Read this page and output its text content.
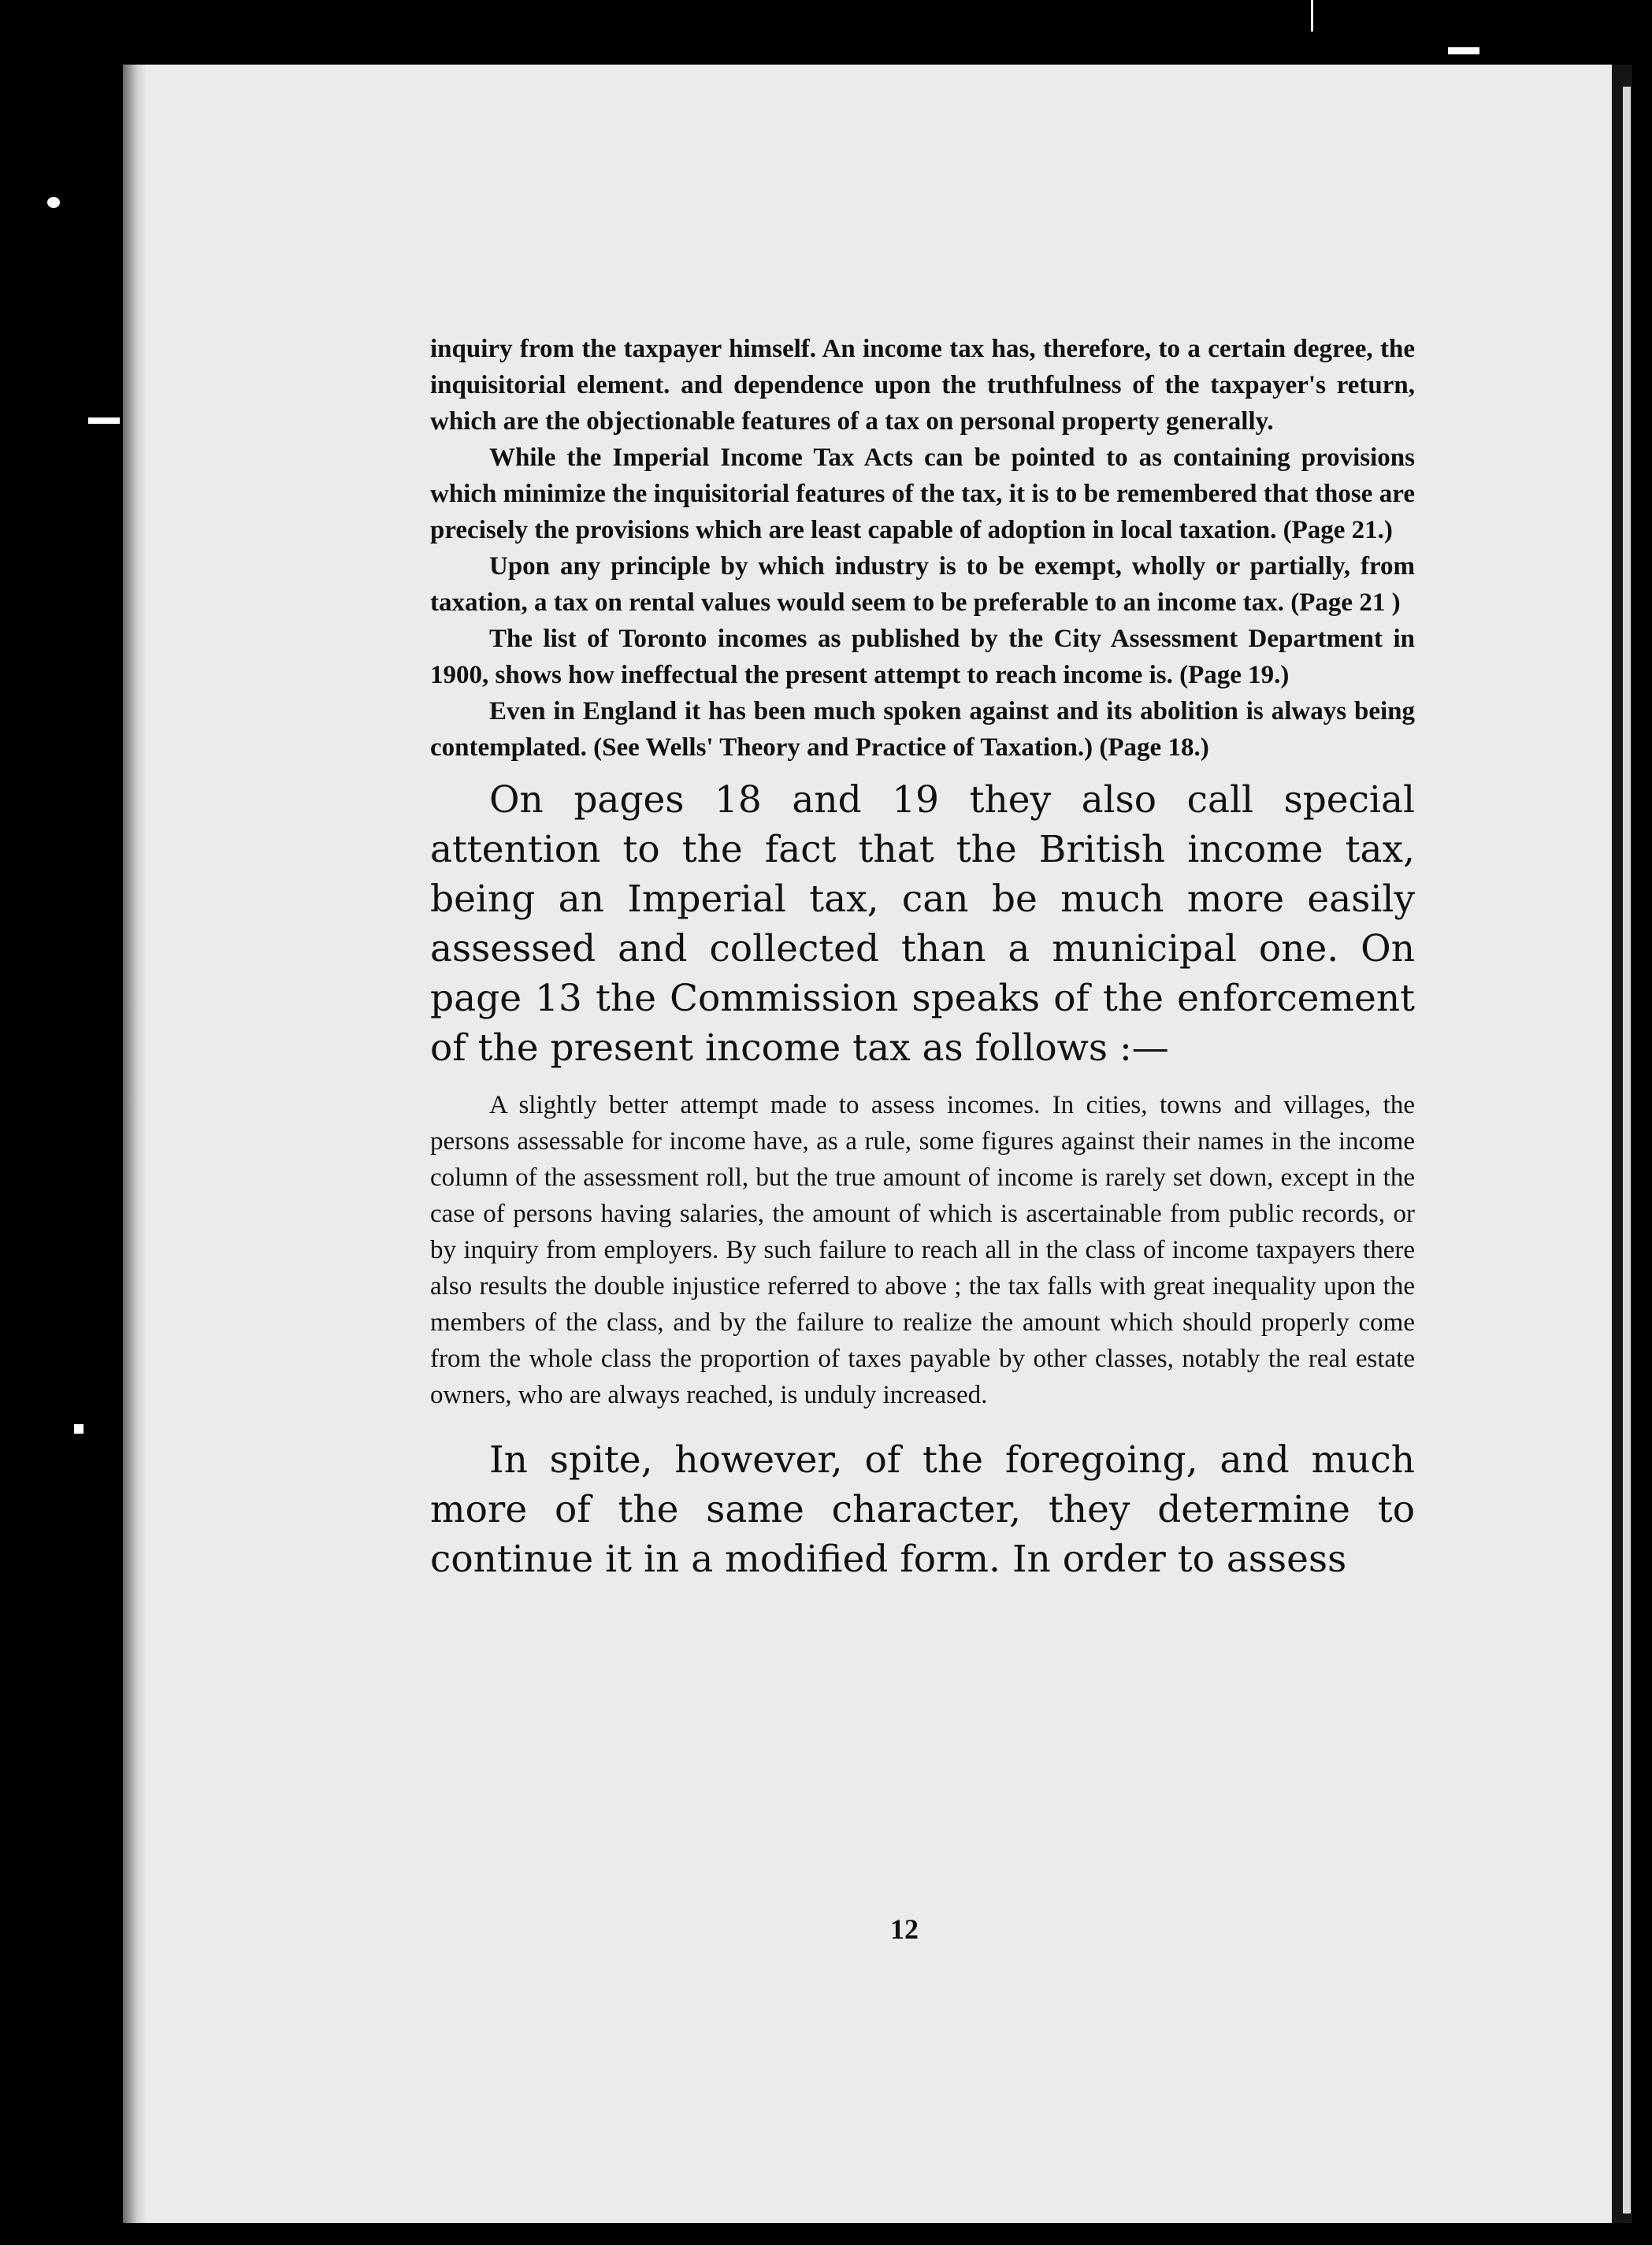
inquiry from the taxpayer himself. An income tax has, therefore, to a certain degree, the inquisitorial element. and dependence upon the truthfulness of the taxpayer's return, which are the objectionable features of a tax on personal property generally.

While the Imperial Income Tax Acts can be pointed to as containing provisions which minimize the inquisitorial features of the tax, it is to be remembered that those are precisely the provisions which are least capable of adoption in local taxation. (Page 21.)

Upon any principle by which industry is to be exempt, wholly or partially, from taxation, a tax on rental values would seem to be preferable to an income tax. (Page 21 )

The list of Toronto incomes as published by the City Assessment Department in 1900, shows how ineffectual the present attempt to reach income is. (Page 19.)

Even in England it has been much spoken against and its abolition is always being contemplated. (See Wells' Theory and Practice of Taxation.) (Page 18.)

On pages 18 and 19 they also call special attention to the fact that the British income tax, being an Imperial tax, can be much more easily assessed and collected than a municipal one. On page 13 the Commission speaks of the enforcement of the present income tax as follows :—

A slightly better attempt made to assess incomes. In cities, towns and villages, the persons assessable for income have, as a rule, some figures against their names in the income column of the assessment roll, but the true amount of income is rarely set down, except in the case of persons having salaries, the amount of which is ascertainable from public records, or by inquiry from employers. By such failure to reach all in the class of income taxpayers there also results the double injustice referred to above ; the tax falls with great inequality upon the members of the class, and by the failure to realize the amount which should properly come from the whole class the proportion of taxes payable by other classes, notably the real estate owners, who are always reached, is unduly increased.

In spite, however, of the foregoing, and much more of the same character, they determine to continue it in a modified form. In order to assess

12
